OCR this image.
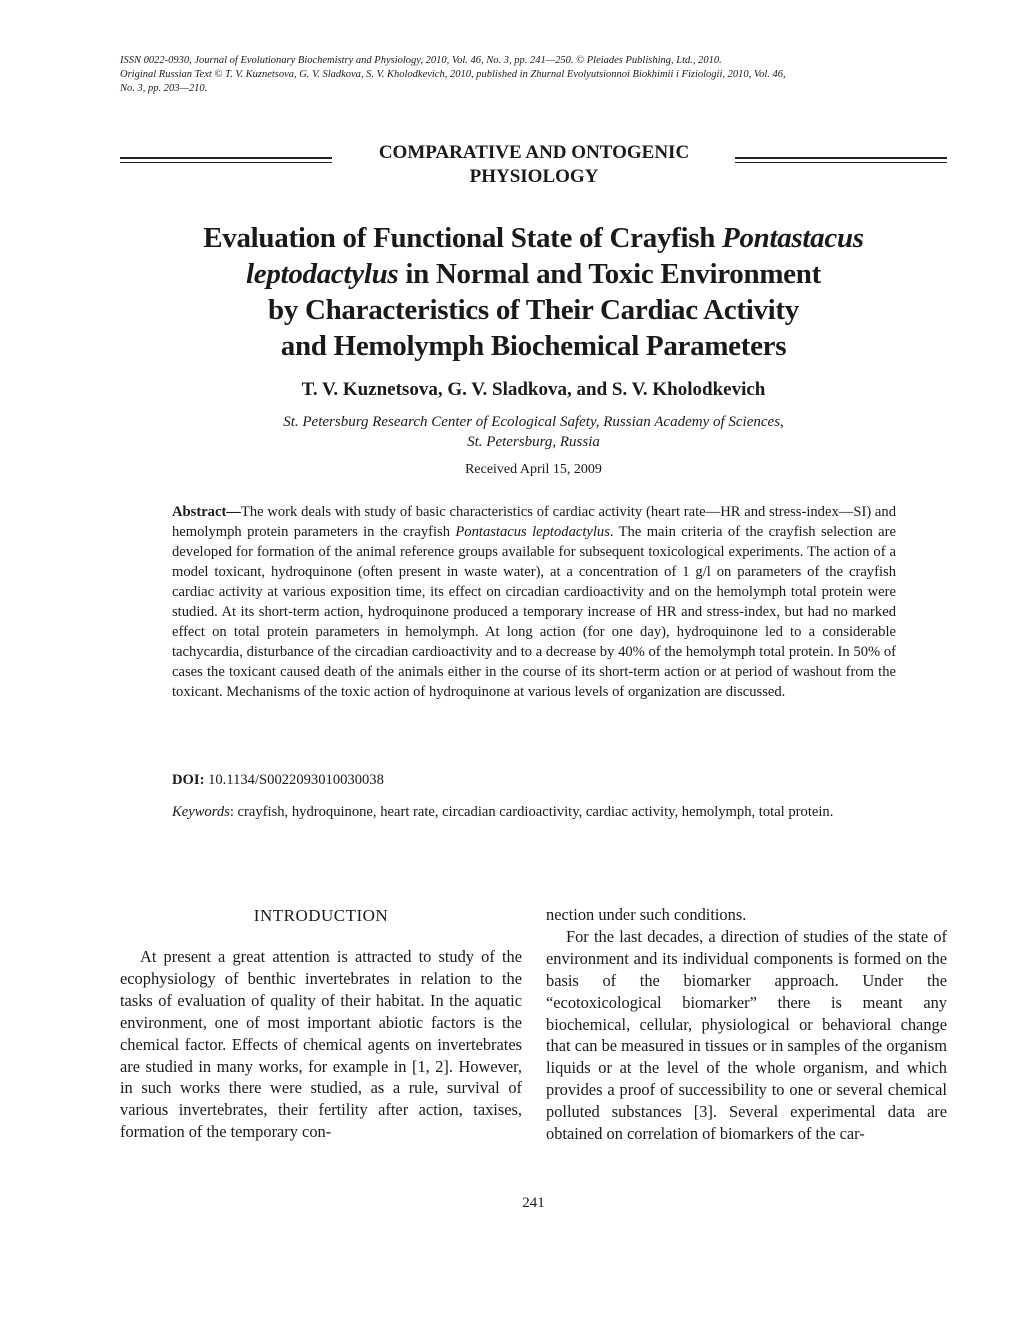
ISSN 0022-0930, Journal of Evolutionary Biochemistry and Physiology, 2010, Vol. 46, No. 3, pp. 241—250. © Pleiades Publishing, Ltd., 2010.
Original Russian Text © T. V. Kuznetsova, G. V. Sladkova, S. V. Kholodkevich, 2010, published in Zhurnal Evolyutsionnoi Biokhimii i Fiziologii, 2010, Vol. 46,
No. 3, pp. 203—210.
COMPARATIVE AND ONTOGENIC
PHYSIOLOGY
Evaluation of Functional State of Crayfish Pontastacus
leptodactylus in Normal and Toxic Environment
by Characteristics of Their Cardiac Activity
and Hemolymph Biochemical Parameters
T. V. Kuznetsova, G. V. Sladkova, and S. V. Kholodkevich
St. Petersburg Research Center of Ecological Safety, Russian Academy of Sciences,
St. Petersburg, Russia
Received April 15, 2009
Abstract—The work deals with study of basic characteristics of cardiac activity (heart rate—HR and stress-index—SI) and hemolymph protein parameters in the crayfish Pontastacus leptodactylus. The main criteria of the crayfish selection are developed for formation of the animal reference groups available for subsequent toxicological experiments. The action of a model toxicant, hydroquinone (often present in waste water), at a concentration of 1 g/l on parameters of the crayfish cardiac activity at various exposition time, its effect on circadian cardioactivity and on the hemolymph total protein were studied. At its short-term action, hydroquinone produced a temporary increase of HR and stress-index, but had no marked effect on total protein parameters in hemolymph. At long action (for one day), hydroquinone led to a considerable tachycardia, disturbance of the circadian cardioactivity and to a decrease by 40% of the hemolymph total protein. In 50% of cases the toxicant caused death of the animals either in the course of its short-term action or at period of washout from the toxicant. Mechanisms of the toxic action of hydroquinone at various levels of organization are discussed.
DOI: 10.1134/S0022093010030038
Keywords: crayfish, hydroquinone, heart rate, circadian cardioactivity, cardiac activity, hemolymph, total protein.
INTRODUCTION

At present a great attention is attracted to study of the ecophysiology of benthic invertebrates in relation to the tasks of evaluation of quality of their habitat. In the aquatic environment, one of most important abiotic factors is the chemical factor. Effects of chemical agents on invertebrates are studied in many works, for example in [1, 2]. However, in such works there were studied, as a rule, survival of various invertebrates, their fertility after action, taxises, formation of the temporary con-

nection under such conditions.

For the last decades, a direction of studies of the state of environment and its individual components is formed on the basis of the biomarker approach. Under the “ecotoxicological biomarker” there is meant any biochemical, cellular, physiological or behavioral change that can be measured in tissues or in samples of the organism liquids or at the level of the whole organism, and which provides a proof of successibility to one or several chemical polluted substances [3]. Several experimental data are obtained on correlation of biomarkers of the car-

241
